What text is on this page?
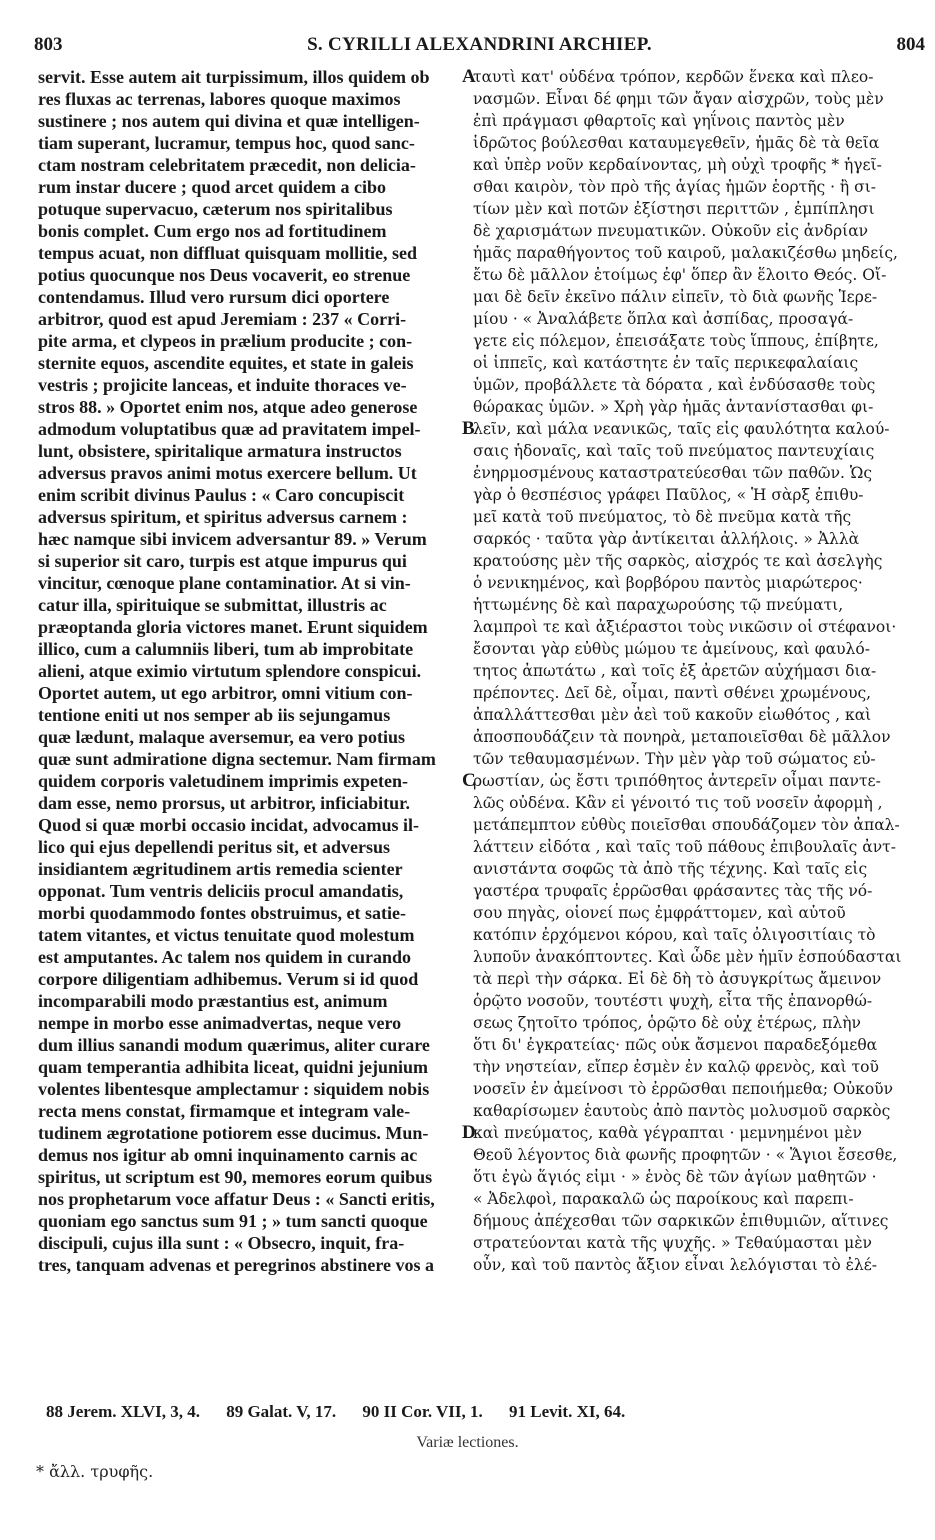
803	S. CYRILLI ALEXANDRINI ARCHIEP.	804
servit. Esse autem ait turpissimum, illos quidem ob
res fluxas ac terrenas, labores quoque maximos
sustinere ; nos autem qui divina et quæ intelligen-
tiam superant, lucramur, tempus hoc, quod sanc-
ctam nostram celebritatem præcedit, non delicia-
rum instar ducere ; quod arcet quidem a cibo
potuque supervacuo, cæterum nos spiritalibus
bonis complet. Cum ergo nos ad fortitudinem
tempus acuat, non diffluat quisquam mollitie, sed
potius quocunque nos Deus vocaverit, eo strenue
contendamus. Illud vero rursum dici oportere
arbitror, quod est apud Jeremiam : 237 « Corri-
pite arma, et clypeos in prælium producite ; con-
sternite equos, ascendite equites, et state in galeis
vestris ; projicite lanceas, et induite thoraces ve-
stros 88. » Oportet enim nos, atque adeo generose
admodum voluptatibus quæ ad pravitatem impel-
lunt, obsistere, spiritalique armatura instructos
adversus pravos animi motus exercere bellum. Ut
enim scribit divinus Paulus : « Caro concupiscit
adversus spiritum, et spiritus adversus carnem :
hæc namque sibi invicem adversantur 89. » Verum
si superior sit caro, turpis est atque impurus qui
vincitur, cœnoque plane contaminatior. At si vin-
catur illa, spirituique se submittat, illustris ac
præoptanda gloria victores manet. Erunt siquidem
illico, cum a calumniis liberi, tum ab improbitate
alieni, atque eximio virtutum splendore conspicui.
Oportet autem, ut ego arbitror, omni vitium con-
tentione eniti ut nos semper ab iis sejungamus
quæ lædunt, malaque aversemur, ea vero potius
quæ sunt admiratione digna sectemur. Nam firmam
quidem corporis valetudinem imprimis expeten-
dam esse, nemo prorsus, ut arbitror, inficiabitur.
Quod si quæ morbi occasio incidat, advocamus il-
lico qui ejus depellendi peritus sit, et adversus
insidiantem ægritudinem artis remedia scienter
opponat. Tum ventris deliciis procul amandatis,
morbi quodammodo fontes obstruimus, et satie-
tatem vitantes, et victus tenuitate quod molestum
est amputantes. Ac talem nos quidem in curando
corpore diligentiam adhibemus. Verum si id quod
incomparabili modo præstantius est, animum
nempe in morbo esse animadvertas, neque vero
dum illius sanandi modum quærimus, aliter curare
quam temperantia adhibita liceat, quidni jejunium
volentes libentesque amplectamur : siquidem nobis
recta mens constat, firmamque et integram vale-
tudinem ægrotatione potiorem esse ducimus. Mun-
demus nos igitur ab omni inquinamento carnis ac
spiritus, ut scriptum est 90, memores eorum quibus
nos prophetarum voce affatur Deus : « Sancti eritis,
quoniam ego sanctus sum 91 ; » tum sancti quoque
discipuli, cujus illa sunt : « Obsecro, inquit, fra-
tres, tanquam advenas et peregrinos abstinere vos a
ταυτὶ κατ' οὐδένα τρόπον, κερδῶν ἕνεκα καὶ πλεο-
νασμῶν. Εἶναι δέ φημι τῶν ἄγαν αἰσχρῶν, τοὺς μὲν
ἐπὶ πράγμασι φθαρτοῖς καὶ γηΐνοις παντὸς μὲν
ἱδρῶτος βούλεσθαι καταυμεγεθεῖν, ἡμᾶς δὲ τὰ θεῖα
καὶ ὑπὲρ νοῦν κερδαίνοντας, μὴ οὐχὶ τροφῆς * ἡγεῖ-
σθαι καιρὸν, τὸν πρὸ τῆς ἁγίας ἡμῶν ἑορτῆς · ἢ σι-
τίων μὲν καὶ ποτῶν ἐξίστησι περιττῶν , ἐμπίπλησι
δὲ χαρισμάτων πνευματικῶν. Οὐκοῦν εἰς ἀνδρίαν
ἡμᾶς παραθήγοντος τοῦ καιροῦ, μαλακιζέσθω μηδείς,
ἔτω δὲ μᾶλλον ἑτοίμως ἐφ' ὅπερ ἂν ἕλοιτο Θεός. Οἴ-
μαι δὲ δεῖν ἐκεῖνο πάλιν εἰπεῖν, τὸ διὰ φωνῆς Ἱερε-
μίου · « Ἀναλάβετε ὅπλα καὶ ἀσπίδας, προσαγά-
γετε εἰς πόλεμον, ἐπεισάξατε τοὺς ἵππους, ἐπίβητε,
οἱ ἱππεῖς, καὶ κατάστητε ἐν ταῖς περικεφαλαίαις
ὑμῶν, προβάλλετε τὰ δόρατα , καὶ ἐνδύσασθε τοὺς
θώρακας ὑμῶν. » Χρὴ γὰρ ἡμᾶς ἀντανίστασθαι φι-
λεῖν, καὶ μάλα νεανικῶς, ταῖς εἰς φαυλότητα καλού-
σαις ἡδοναῖς, καὶ ταῖς τοῦ πνεύματος παντευχίαις
ἐνηρμοσμένους καταστρατεύεσθαι τῶν παθῶν. Ὡς
γὰρ ὁ θεσπέσιος γράφει Παῦλος, « Ἡ σὰρξ ἐπιθυ-
μεῖ κατὰ τοῦ πνεύματος, τὸ δὲ πνεῦμα κατὰ τῆς
σαρκός · ταῦτα γὰρ ἀντίκειται ἀλλήλοις. » Ἀλλὰ
κρατούσης μὲν τῆς σαρκὸς, αἰσχρός τε καὶ ἀσελγὴς
ὁ νενικημένος, καὶ βορβόρου παντὸς μιαρώτερος·
ἡττωμένης δὲ καὶ παραχωρούσης τῷ πνεύματι,
λαμπροὶ τε καὶ ἀξιέραστοι τοὺς νικῶσιν οἱ στέφανοι·
ἔσονται γὰρ εὐθὺς μώμου τε ἀμείνους, καὶ φαυλό-
τητος ἀπωτάτω , καὶ τοῖς ἐξ ἀρετῶν αὐχήμασι δια-
πρέποντες. Δεῖ δὲ, οἶμαι, παντὶ σθένει χρωμένους,
ἀπαλλάττεσθαι μὲν ἀεὶ τοῦ κακοῦν εἰωθότος , καὶ
ἀποσπουδάζειν τὰ πονηρὰ, μεταποιεῖσθαι δὲ μᾶλλον
τῶν τεθαυμασμένων. Τὴν μὲν γὰρ τοῦ σώματος εὐ-
ρωστίαν, ὡς ἔστι τριπόθητος ἀντερεῖν οἶμαι παντε-
λῶς οὐδένα. Κἂν εἰ γένοιτό τις τοῦ νοσεῖν ἀφορμὴ ,
μετάπεμπτον εὐθὺς ποιεῖσθαι σπουδάζομεν τὸν ἀπαλ-
λάττειν εἰδότα , καὶ ταῖς τοῦ πάθους ἐπιβουλαῖς ἀντ-
ανιστάντα σοφῶς τὰ ἀπὸ τῆς τέχνης. Καὶ ταῖς εἰς
γαστέρα τρυφαῖς ἐρρῶσθαι φράσαντες τὰς τῆς νό-
σου πηγὰς, οἱονεί πως ἐμφράττομεν, καὶ αὐτοῦ
κατόπιν ἐρχόμενοι κόρου, καὶ ταῖς ὀλιγοσιτίαις τὸ
λυποῦν ἀνακόπτοντες. Καὶ ὧδε μὲν ἡμῖν ἐσπούδασται
τὰ περὶ τὴν σάρκα. Εἰ δὲ δὴ τὸ ἀσυγκρίτως ἄμεινον
ὁρῷτο νοσοῦν, τουτέστι ψυχὴ, εἶτα τῆς ἐπανορθώ-
σεως ζητοῖτο τρόπος, ὁρῷτο δὲ οὐχ ἑτέρως, πλὴν
ὅτι δι' ἐγκρατείας· πῶς οὐκ ἄσμενοι παραδεξόμεθα
τὴν νηστείαν, εἴπερ ἐσμὲν ἐν καλῷ φρενὸς, καὶ τοῦ
νοσεῖν ἐν ἀμείνοσι τὸ ἐρρῶσθαι πεποιήμεθα; Οὐκοῦν
καθαρίσωμεν ἑαυτοὺς ἀπὸ παντὸς μολυσμοῦ σαρκὸς
καὶ πνεύματος, καθὰ γέγραπται · μεμνημένοι μὲν
Θεοῦ λέγοντος διὰ φωνῆς προφητῶν · « Ἅγιοι ἔσεσθε,
ὅτι ἐγὼ ἅγιός εἰμι · » ἑνὸς δὲ τῶν ἁγίων μαθητῶν ·
« Ἀδελφοὶ, παρακαλῶ ὡς παροίκους καὶ παρεπι-
δήμους ἀπέχεσθαι τῶν σαρκικῶν ἐπιθυμιῶν, αἵτινες
στρατεύονται κατὰ τῆς ψυχῆς. » Τεθαύμασται μὲν
οὖν, καὶ τοῦ παντὸς ἄξιον εἶναι λελόγισται τὸ ἐλέ-
A
B
C
D
88 Jerem. XLVI, 3, 4. 89 Galat. V, 17. 90 II Cor. VII, 1. 91 Levit. XI, 64.
Variæ lectiones.
* ἄλλ. τρυφῆς.
